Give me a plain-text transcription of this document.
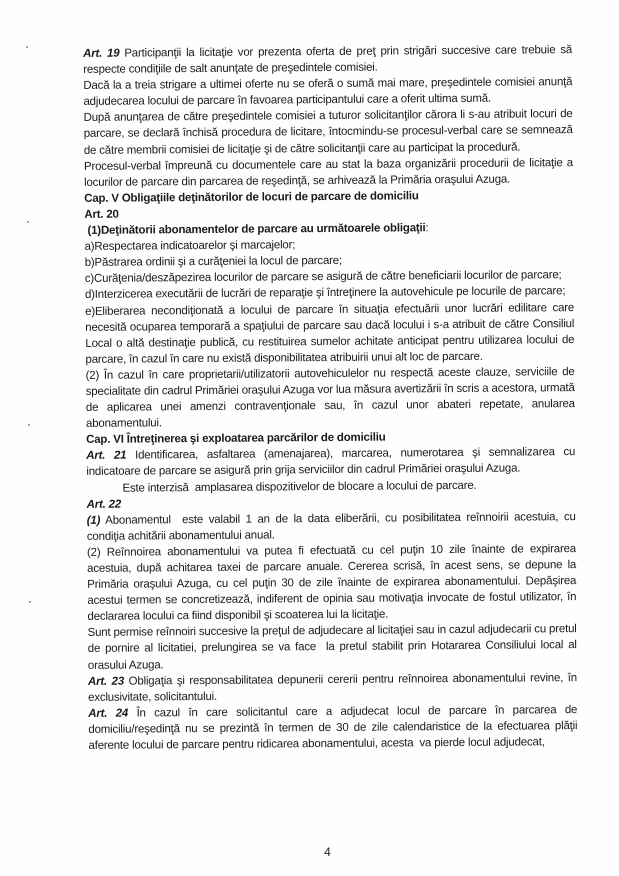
Art. 19 Participanţii la licitaţie vor prezenta oferta de preţ prin strigări succesive care trebuie să respecte condiţiile de salt anunţate de preşedintele comisiei.

Dacă la a treia strigare a ultimei oferte nu se oferă o sumă mai mare, preşedintele comisiei anunţă adjudecarea locului de parcare în favoarea participantului care a oferit ultima sumă.

După anunţarea de către preşedintele comisiei a tuturor solicitanţilor cărora li s-au atribuit locuri de parcare, se declară închisă procedura de licitare, întocmindu-se procesul-verbal care se semnează de către membrii comisiei de licitaţie şi de către solicitanţii care au participat la procedură.

Procesul-verbal împreună cu documentele care au stat la baza organizării procedurii de licitaţie a locurilor de parcare din parcarea de reşedinţă, se arhivează la Primăria oraşului Azuga.

Cap. V Obligaţiile deţinătorilor de locuri de parcare de domiciliu

Art. 20

(1)Deţinătorii abonamentelor de parcare au următoarele obligaţii:

a)Respectarea indicatoarelor şi marcajelor;

b)Păstrarea ordinii şi a curăţeniei la locul de parcare;

c)Curăţenia/deszăpezirea locurilor de parcare se asigură de către beneficiarii locurilor de parcare;

d)Interzicerea executării de lucrări de reparaţie şi întreţinere la autovehicule pe locurile de parcare;

e)Eliberarea necondiţionată a locului de parcare în situaţia efectuării unor lucrări edilitare care necesită ocuparea temporară a spaţiului de parcare sau dacă locului i s-a atribuit de către Consiliul Local o altă destinaţie publică, cu restituirea sumelor achitate anticipat pentru utilizarea locului de parcare, în cazul în care nu există disponibilitatea atribuirii unui alt loc de parcare.

(2) În cazul în care proprietarii/utilizatorii autovehiculelor nu respectă aceste clauze, serviciile de specialitate din cadrul Primăriei oraşului Azuga vor lua măsura avertizării în scris a acestora, urmată de aplicarea unei amenzi contravenţionale sau, în cazul unor abateri repetate, anularea abonamentului.

Cap. VI Întreţinerea şi exploatarea parcărilor de domiciliu

Art. 21 Identificarea, asfaltarea (amenajarea), marcarea, numerotarea şi semnalizarea cu indicatoare de parcare se asigură prin grija serviciilor din cadrul Primăriei oraşului Azuga.

Este interzisă  amplasarea dispozitivelor de blocare a locului de parcare.

Art. 22

(1) Abonamentul  este valabil 1 an de la data eliberării, cu posibilitatea reînnoirii acestuia, cu condiţia achitării abonamentului anual.

(2) Reînnoirea abonamentului va putea fi efectuată cu cel puţin 10 zile înainte de expirarea acestuia, după achitarea taxei de parcare anuale. Cererea scrisă, în acest sens, se depune la Primăria oraşului Azuga, cu cel puţin 30 de zile înainte de expirarea abonamentului. Depăşirea acestui termen se concretizează, indiferent de opinia sau motivaţia invocate de fostul utilizator, în declararea locului ca fiind disponibil şi scoaterea lui la licitaţie.

Sunt permise reînnoiri succesive la preţul de adjudecare al licitaţiei sau in cazul adjudecarii cu pretul de pornire al licitatiei, prelungirea se va face  la pretul stabilit prin Hotararea Consiliului local al orasului Azuga.

Art. 23 Obligaţia şi responsabilitatea depunerii cererii pentru reînnoirea abonamentului revine, în exclusivitate, solicitantului.

Art. 24 În cazul în care solicitantul care a adjudecat locul de parcare în parcarea de domiciliu/reşedinţă nu se prezintă în termen de 30 de zile calendaristice de la efectuarea plăţii aferente locului de parcare pentru ridicarea abonamentului, acesta  va pierde locul adjudecat,

4
